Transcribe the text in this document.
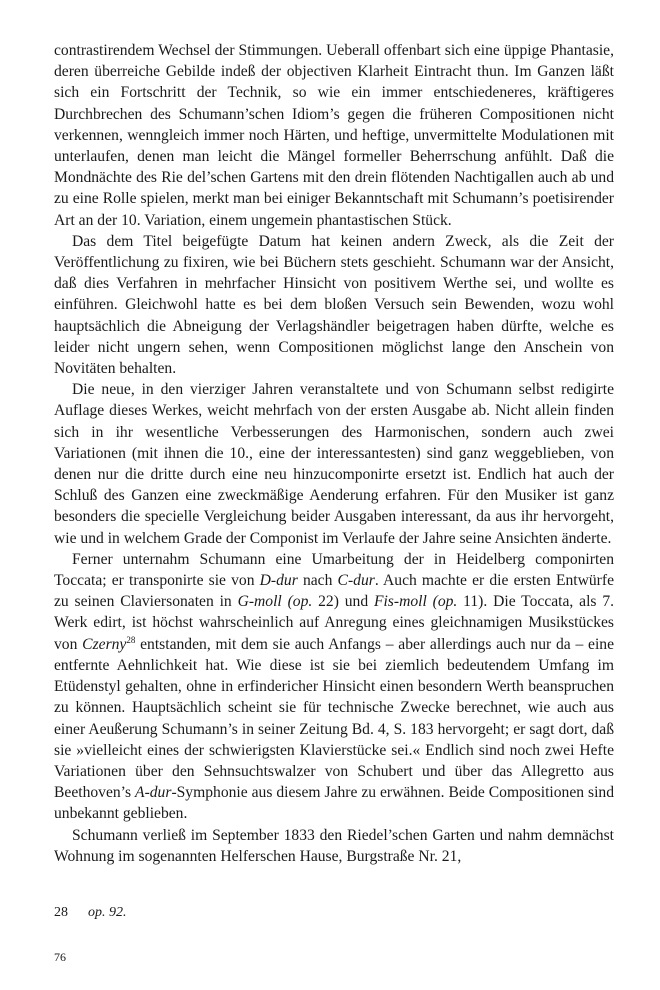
contrastirendem Wechsel der Stimmungen. Ueberall offenbart sich eine üppige Phantasie, deren überreiche Gebilde indeß der objectiven Klarheit Eintracht thun. Im Ganzen läßt sich ein Fortschritt der Technik, so wie ein immer entschiedeneres, kräftigeres Durchbrechen des Schumann’schen Idiom’s gegen die früheren Compositionen nicht verkennen, wenngleich immer noch Härten, und heftige, unvermittelte Modulationen mit unterlaufen, denen man leicht die Mängel formeller Beherrschung anfühlt. Daß die Mondnächte des Rie del’schen Gartens mit den drein flötenden Nachtigallen auch ab und zu eine Rolle spielen, merkt man bei einiger Bekanntschaft mit Schumann’s poetisirender Art an der 10. Variation, einem ungemein phantastischen Stück.

Das dem Titel beigefügte Datum hat keinen andern Zweck, als die Zeit der Veröffentlichung zu fixiren, wie bei Büchern stets geschieht. Schumann war der Ansicht, daß dies Verfahren in mehrfacher Hinsicht von positivem Werthe sei, und wollte es einführen. Gleichwohl hatte es bei dem bloßen Versuch sein Bewenden, wozu wohl hauptsächlich die Abneigung der Verlagshändler beigetragen haben dürfte, welche es leider nicht ungern sehen, wenn Compositionen möglichst lange den Anschein von Novitäten behalten.

Die neue, in den vierziger Jahren veranstaltete und von Schumann selbst redigirte Auflage dieses Werkes, weicht mehrfach von der ersten Ausgabe ab. Nicht allein finden sich in ihr wesentliche Verbesserungen des Harmonischen, sondern auch zwei Variationen (mit ihnen die 10., eine der interessantesten) sind ganz weggeblieben, von denen nur die dritte durch eine neu hinzucomponirte ersetzt ist. Endlich hat auch der Schluß des Ganzen eine zweckmäßige Aenderung erfahren. Für den Musiker ist ganz besonders die specielle Vergleichung beider Ausgaben interessant, da aus ihr hervorgeht, wie und in welchem Grade der Componist im Verlaufe der Jahre seine Ansichten änderte.

Ferner unternahm Schumann eine Umarbeitung der in Heidelberg componirten Toccata; er transponirte sie von D-dur nach C-dur. Auch machte er die ersten Entwürfe zu seinen Claviersonaten in G-moll (op. 22) und Fis-moll (op. 11). Die Toccata, als 7. Werk edirt, ist höchst wahrscheinlich auf Anregung eines gleichnamigen Musikstückes von Czerny$^{28}$ entstanden, mit dem sie auch Anfangs – aber allerdings auch nur da – eine entfernte Aehnlichkeit hat. Wie diese ist sie bei ziemlich bedeutendem Umfang im Etüdenstyl gehalten, ohne in erfindericher Hinsicht einen besondern Werth beanspruchen zu können. Hauptsächlich scheint sie für technische Zwecke berechnet, wie auch aus einer Aeußerung Schumann’s in seiner Zeitung Bd. 4, S. 183 hervorgeht; er sagt dort, daß sie »vielleicht eines der schwierigsten Klavierstücke sei.« Endlich sind noch zwei Hefte Variationen über den Sehnsuchtswalzer von Schubert und über das Allegretto aus Beethoven’s A-dur-Symphonie aus diesem Jahre zu erwähnen. Beide Compositionen sind unbekannt geblieben.

Schumann verließ im September 1833 den Riedel’schen Garten und nahm demnächst Wohnung im sogenannten Helferschen Hause, Burgstraße Nr. 21,

28 op. 92.
76
